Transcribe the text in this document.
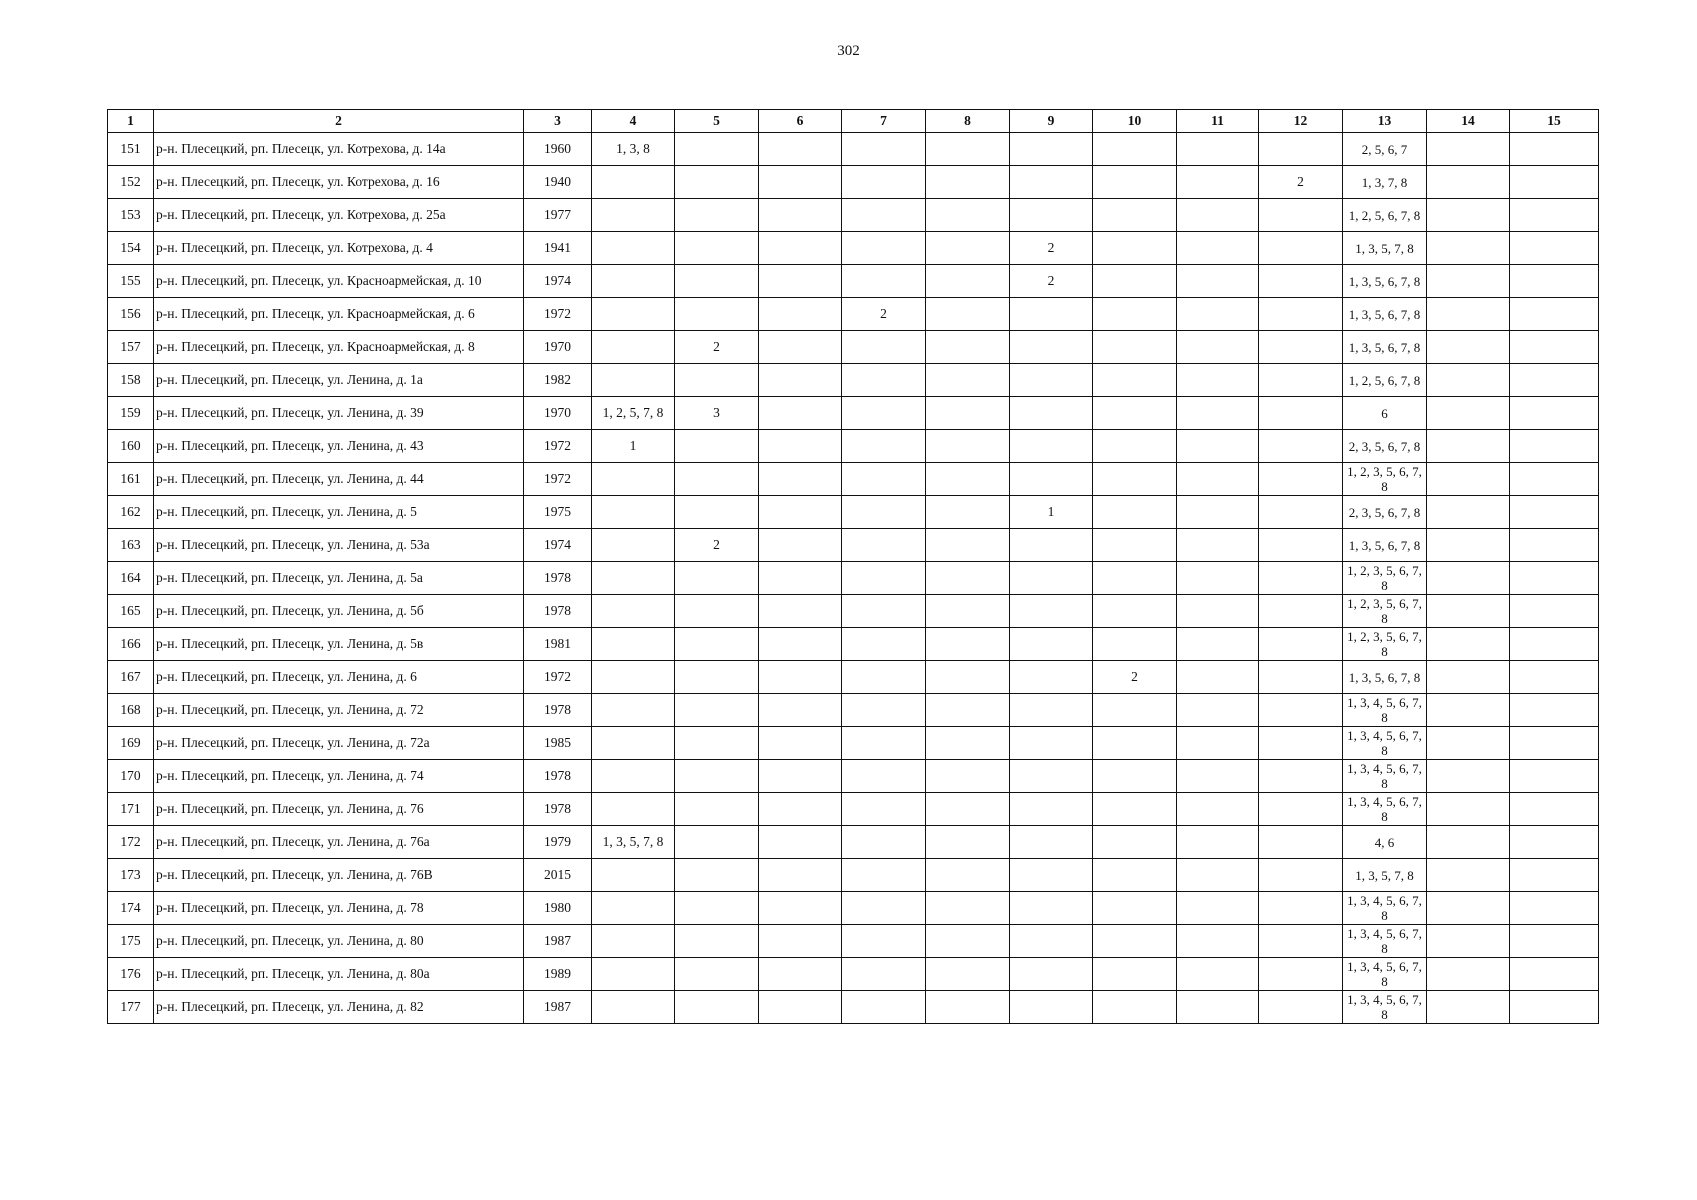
302
1	2	3	4	5	6	7	8	9	10	11	12	13	14	15
151	р-н. Плесецкий, рп. Плесецк, ул. Котрехова, д. 14а	1960	1, 3, 8									2, 5, 6, 7		
152	р-н. Плесецкий, рп. Плесецк, ул. Котрехова, д. 16	1940									2	1, 3, 7, 8		
153	р-н. Плесецкий, рп. Плесецк, ул. Котрехова, д. 25а	1977										1, 2, 5, 6, 7, 8		
154	р-н. Плесецкий, рп. Плесецк, ул. Котрехова, д. 4	1941						2				1, 3, 5, 7, 8		
155	р-н. Плесецкий, рп. Плесецк, ул. Красноармейская, д. 10	1974						2				1, 3, 5, 6, 7, 8		
156	р-н. Плесецкий, рп. Плесецк, ул. Красноармейская, д. 6	1972				2						1, 3, 5, 6, 7, 8		
157	р-н. Плесецкий, рп. Плесецк, ул. Красноармейская, д. 8	1970		2								1, 3, 5, 6, 7, 8		
158	р-н. Плесецкий, рп. Плесецк, ул. Ленина, д. 1а	1982										1, 2, 5, 6, 7, 8		
159	р-н. Плесецкий, рп. Плесецк, ул. Ленина, д. 39	1970	1, 2, 5, 7, 8	3								6		
160	р-н. Плесецкий, рп. Плесецк, ул. Ленина, д. 43	1972	1									2, 3, 5, 6, 7, 8		
161	р-н. Плесецкий, рп. Плесецк, ул. Ленина, д. 44	1972										1, 2, 3, 5, 6, 7, 8		
162	р-н. Плесецкий, рп. Плесецк, ул. Ленина, д. 5	1975						1				2, 3, 5, 6, 7, 8		
163	р-н. Плесецкий, рп. Плесецк, ул. Ленина, д. 53а	1974		2								1, 3, 5, 6, 7, 8		
164	р-н. Плесецкий, рп. Плесецк, ул. Ленина, д. 5а	1978										1, 2, 3, 5, 6, 7, 8		
165	р-н. Плесецкий, рп. Плесецк, ул. Ленина, д. 5б	1978										1, 2, 3, 5, 6, 7, 8		
166	р-н. Плесецкий, рп. Плесецк, ул. Ленина, д. 5в	1981										1, 2, 3, 5, 6, 7, 8		
167	р-н. Плесецкий, рп. Плесецк, ул. Ленина, д. 6	1972							2			1, 3, 5, 6, 7, 8		
168	р-н. Плесецкий, рп. Плесецк, ул. Ленина, д. 72	1978										1, 3, 4, 5, 6, 7, 8		
169	р-н. Плесецкий, рп. Плесецк, ул. Ленина, д. 72а	1985										1, 3, 4, 5, 6, 7, 8		
170	р-н. Плесецкий, рп. Плесецк, ул. Ленина, д. 74	1978										1, 3, 4, 5, 6, 7, 8		
171	р-н. Плесецкий, рп. Плесецк, ул. Ленина, д. 76	1978										1, 3, 4, 5, 6, 7, 8		
172	р-н. Плесецкий, рп. Плесецк, ул. Ленина, д. 76а	1979	1, 3, 5, 7, 8									4, 6		
173	р-н. Плесецкий, рп. Плесецк, ул. Ленина, д. 76В	2015										1, 3, 5, 7, 8		
174	р-н. Плесецкий, рп. Плесецк, ул. Ленина, д. 78	1980										1, 3, 4, 5, 6, 7, 8		
175	р-н. Плесецкий, рп. Плесецк, ул. Ленина, д. 80	1987										1, 3, 4, 5, 6, 7, 8		
176	р-н. Плесецкий, рп. Плесецк, ул. Ленина, д. 80а	1989										1, 3, 4, 5, 6, 7, 8		
177	р-н. Плесецкий, рп. Плесецк, ул. Ленина, д. 82	1987										1, 3, 4, 5, 6, 7, 8		
